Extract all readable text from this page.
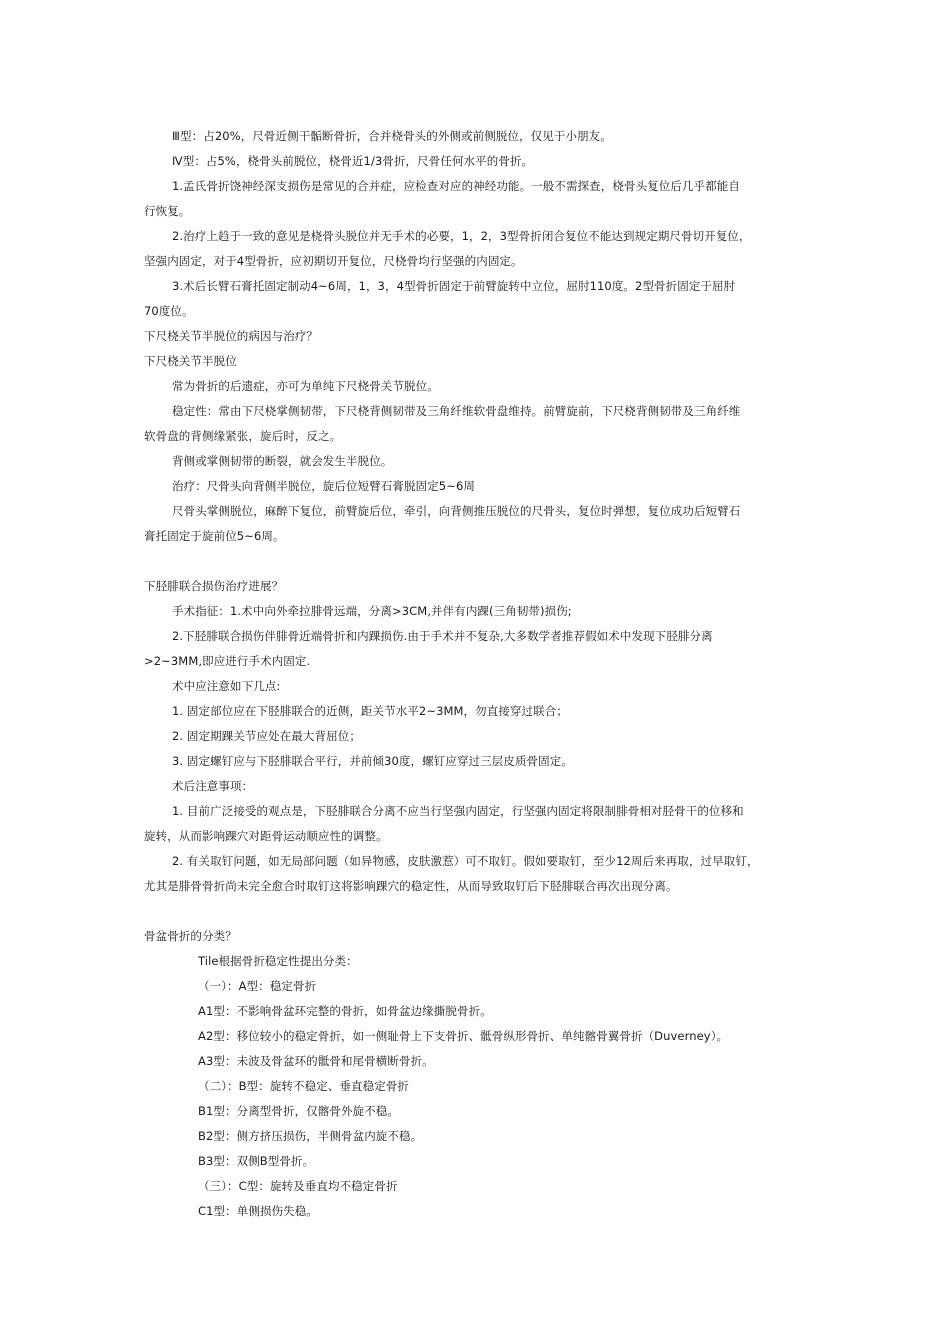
Ⅲ型：占20%，尺骨近侧干骺断骨折，合并桡骨头的外侧或前侧脱位，仅见于小朋友。
Ⅳ型：占5%，桡骨头前脱位，桡骨近1/3骨折，尺骨任何水平的骨折。
1.孟氏骨折饶神经深支损伤是常见的合并症，应检查对应的神经功能。一般不需探查，桡骨头复位后几乎都能自
行恢复。
2.治疗上趋于一致的意见是桡骨头脱位并无手术的必要，1，2，3型骨折闭合复位不能达到规定期尺骨切开复位，
坚强内固定，对于4型骨折，应初期切开复位，尺桡骨均行坚强的内固定。
3.术后长臂石膏托固定制动4~6周，1，3，4型骨折固定于前臂旋转中立位，屈肘110度。2型骨折固定于屈肘
70度位。
下尺桡关节半脱位的病因与治疗？
下尺桡关节半脱位
常为骨折的后遗症，亦可为单纯下尺桡骨关节脱位。
稳定性：常由下尺桡掌侧韧带，下尺桡背侧韧带及三角纤维软骨盘维持。前臂旋前，下尺桡背侧韧带及三角纤维
软骨盘的背侧缘紧张，旋后时，反之。
背侧或掌侧韧带的断裂，就会发生半脱位。
治疗：尺骨头向背侧半脱位，旋后位短臂石膏脱固定5~6周
尺骨头掌侧脱位，麻醉下复位，前臂旋后位，牵引，向背侧推压脱位的尺骨头，复位时弹想，复位成功后短臂石
膏托固定于旋前位5~6周。
下胫腓联合损伤治疗进展？
手术指征：1.术中向外牵拉腓骨远端，分离>3CM,并伴有内踝(三角韧带)损伤;
2.下胫腓联合损伤伴腓骨近端骨折和内踝损伤.由于手术并不复杂,大多数学者推荐假如术中发现下胫腓分离
>2~3MM,即应进行手术内固定.
术中应注意如下几点:
1. 固定部位应在下胫腓联合的近侧，距关节水平2~3MM，勿直接穿过联合；
2. 固定期踝关节应处在最大背屈位；
3. 固定螺钉应与下胫腓联合平行，并前倾30度，螺钉应穿过三层皮质骨固定。
术后注意事项：
1. 目前广泛接受的观点是，下胫腓联合分离不应当行坚强内固定，行坚强内固定将限制腓骨相对胫骨干的位移和
旋转，从而影响踝穴对距骨运动顺应性的调整。
2. 有关取钉问题，如无局部问题（如异物感，皮肤激惹）可不取钉。假如要取钉，至少12周后来再取，过早取钉，
尤其是腓骨骨折尚未完全愈合时取钉这将影响踝穴的稳定性，从而导致取钉后下胫腓联合再次出现分离。
骨盆骨折的分类？
Tile根据骨折稳定性提出分类：
（一）：A型：稳定骨折
A1型：不影响骨盆环完整的骨折，如骨盆边缘撕脱骨折。
A2型：移位较小的稳定骨折，如一侧耻骨上下支骨折、骶骨纵形骨折、单纯髂骨翼骨折（Duverney）。
A3型：未波及骨盆环的骶骨和尾骨横断骨折。
（二）：B型：旋转不稳定、垂直稳定骨折
B1型：分离型骨折，仅髂骨外旋不稳。
B2型：侧方挤压损伤，半侧骨盆内旋不稳。
B3型：双侧B型骨折。
（三）：C型：旋转及垂直均不稳定骨折
C1型：单侧损伤失稳。
